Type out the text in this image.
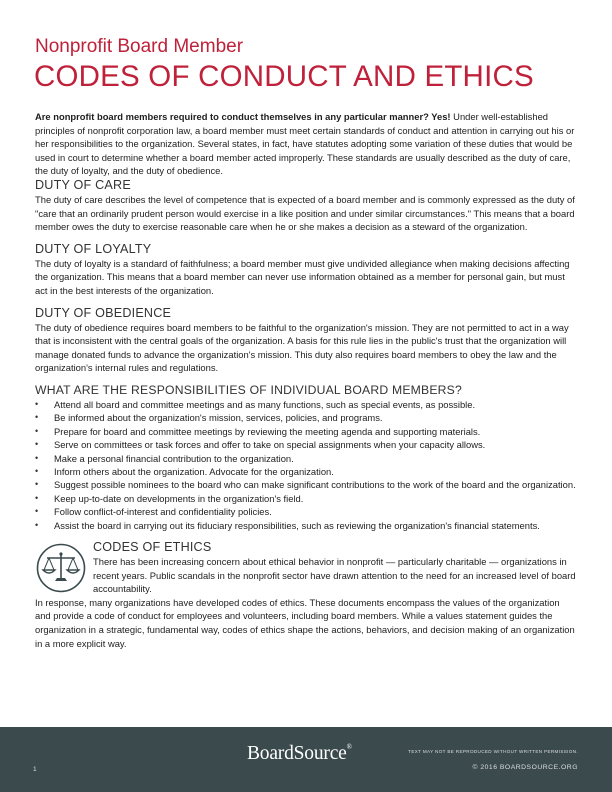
Nonprofit Board Member
CODES OF CONDUCT AND ETHICS

Are nonprofit board members required to conduct themselves in any particular manner? Yes! Under well-established principles of nonprofit corporation law, a board member must meet certain standards of conduct and attention in carrying out his or her responsibilities to the organization. Several states, in fact, have statutes adopting some variation of these duties that would be used in court to determine whether a board member acted improperly. These standards are usually described as the duty of care, the duty of loyalty, and the duty of obedience.

DUTY OF CARE

The duty of care describes the level of competence that is expected of a board member and is commonly expressed as the duty of "care that an ordinarily prudent person would exercise in a like position and under similar circumstances." This means that a board member owes the duty to exercise reasonable care when he or she makes a decision as a steward of the organization.

DUTY OF LOYALTY

The duty of loyalty is a standard of faithfulness; a board member must give undivided allegiance when making decisions affecting the organization. This means that a board member can never use information obtained as a member for personal gain, but must act in the best interests of the organization.

DUTY OF OBEDIENCE

The duty of obedience requires board members to be faithful to the organization's mission. They are not permitted to act in a way that is inconsistent with the central goals of the organization. A basis for this rule lies in the public's trust that the organization will manage donated funds to advance the organization's mission. This duty also requires board members to obey the law and the organization's internal rules and regulations.

WHAT ARE THE RESPONSIBILITIES OF INDIVIDUAL BOARD MEMBERS?
• Attend all board and committee meetings and as many functions, such as special events, as possible.
• Be informed about the organization's mission, services, policies, and programs.
• Prepare for board and committee meetings by reviewing the meeting agenda and supporting materials.
• Serve on committees or task forces and offer to take on special assignments when your capacity allows.
• Make a personal financial contribution to the organization.
• Inform others about the organization. Advocate for the organization.
• Suggest possible nominees to the board who can make significant contributions to the work of the board and the organization.
• Keep up-to-date on developments in the organization's field.
• Follow conflict-of-interest and confidentiality policies.
• Assist the board in carrying out its fiduciary responsibilities, such as reviewing the organization's financial statements.
CODES OF ETHICS

There has been increasing concern about ethical behavior in nonprofit — particularly charitable — organizations in recent years. Public scandals in the nonprofit sector have drawn attention to the need for an increased level of board accountability.
In response, many organizations have developed codes of ethics. These documents encompass the values of the organization and provide a code of conduct for employees and volunteers, including board members. While a values statement guides the organization in a strategic, fundamental way, codes of ethics shape the actions, behaviors, and decision making of an organization in a more explicit way.

1
BoardSource®
TEXT MAY NOT BE REPRODUCED WITHOUT WRITTEN PERMISSION.
© 2016 BOARDSOURCE.ORG
